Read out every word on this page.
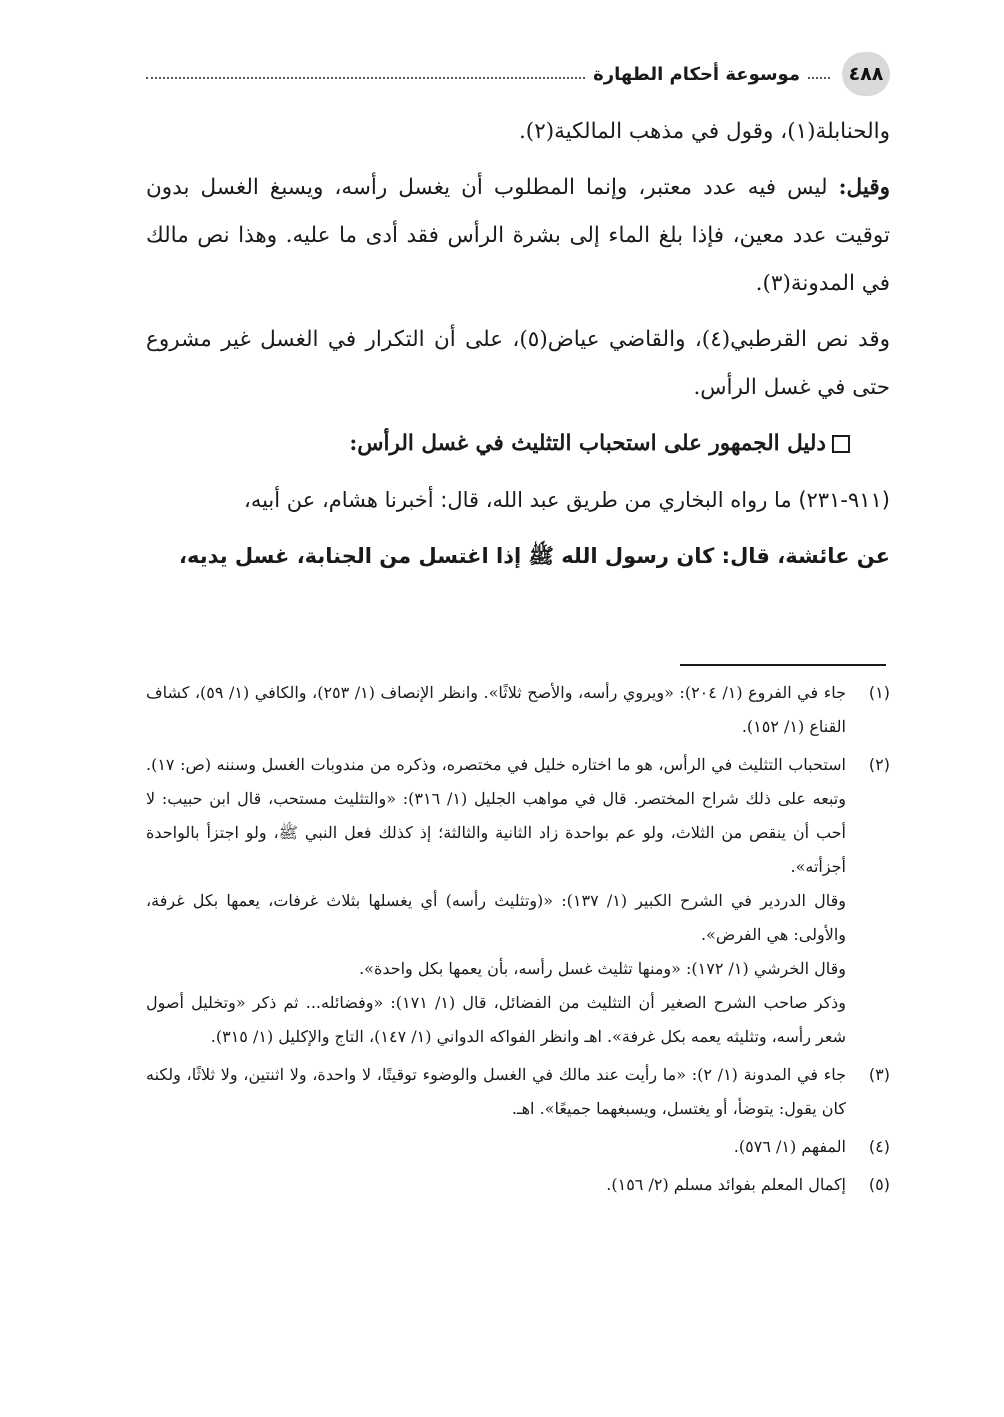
٤٨٨
موسوعة أحكام الطهارة

والحنابلة(١)، وقول في مذهب المالكية(٢).

وقيل: ليس فيه عدد معتبر، وإنما المطلوب أن يغسل رأسه، ويسبغ الغسل بدون توقيت عدد معين، فإذا بلغ الماء إلى بشرة الرأس فقد أدى ما عليه. وهذا نص مالك في المدونة(٣).

وقد نص القرطبي(٤)، والقاضي عياض(٥)، على أن التكرار في الغسل غير مشروع حتى في غسل الرأس.

دليل الجمهور على استحباب التثليث في غسل الرأس:

(٩١١-٢٣١) ما رواه البخاري من طريق عبد الله، قال: أخبرنا هشام، عن أبيه،

عن عائشة، قال: كان رسول الله ﷺ إذا اغتسل من الجنابة، غسل يديه،

(١)
جاء في الفروع (١/ ٢٠٤): «ويروي رأسه، والأصح ثلاثًا». وانظر الإنصاف (١/ ٢٥٣)، والكافي (١/ ٥٩)، كشاف القناع (١/ ١٥٢).
(٢)
استحباب التثليث في الرأس، هو ما اختاره خليل في مختصره، وذكره من مندوبات الغسل وسننه (ص: ١٧). وتبعه على ذلك شراح المختصر. قال في مواهب الجليل (١/ ٣١٦): «والتثليث مستحب، قال ابن حبيب: لا أحب أن ينقص من الثلاث، ولو عم بواحدة زاد الثانية والثالثة؛ إذ كذلك فعل النبي ﷺ، ولو اجتزأ بالواحدة أجزأته».
وقال الدردير في الشرح الكبير (١/ ١٣٧): «(وتثليث رأسه) أي يغسلها بثلاث غرفات، يعمها بكل غرفة، والأولى: هي الفرض».
وقال الخرشي (١/ ١٧٢): «ومنها تثليث غسل رأسه، بأن يعمها بكل واحدة».
وذكر صاحب الشرح الصغير أن التثليث من الفضائل، قال (١/ ١٧١): «وفضائله... ثم ذكر «وتخليل أصول شعر رأسه، وتثليثه يعمه بكل غرفة». اهـ وانظر الفواكه الدواني (١/ ١٤٧)، التاج والإكليل (١/ ٣١٥).
(٣)
جاء في المدونة (١/ ٢): «ما رأيت عند مالك في الغسل والوضوء توقيتًا، لا واحدة، ولا اثنتين، ولا ثلاثًا، ولكنه كان يقول: يتوضأ، أو يغتسل، ويسبغهما جميعًا». اهـ.
(٤)
المفهم (١/ ٥٧٦).
(٥)
إكمال المعلم بفوائد مسلم (٢/ ١٥٦).
